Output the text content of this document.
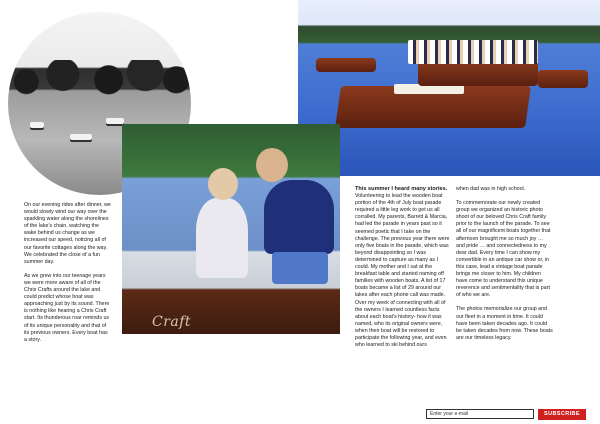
Craft

On our evening rides after dinner, we would slowly wind our way over the sparkling water along the shorelines of the lake's chain, watching the wake behind us change as we increased our speed, noticing all of our favorite cottages along the way. We celebrated the close of a fun summer day.

As we grew into our teenage years we were more aware of all of the Chris Crafts around the lake and could predict whose boat was approaching just by its sound. There is nothing like hearing a Chris Craft start. Its thunderous roar reminds us of its unique personality and that of its previous owners. Every boat has a story.

This summer I heard many stories. Volunteering to lead the wooden boat portion of the 4th of July boat parade required a little leg work to get us all corralled. My parents, Barrett & Marcia, had led the parade in years past so it seemed poetic that I take on the challenge. The previous year there were only five boats in the parade, which was beyond disappointing so I was determined to capture as many as I could. My mother and I sat at the breakfast table and started naming off families with wooden boats. A list of 17 boats became a list of 29 around our lakes after each phone call was made. Over my week of connecting with all of the owners I learned countless facts about each boat's history- how it was named, who its original owners were, when their boat will be restored to participate the following year, and even who learned to ski behind ours

when dad was in high school.

To commemorate our newly created group we organized an historic photo shoot of our beloved Chris Craft family prior to the launch of the parade. To see all of our magnificent boats together that afternoon brought me so much joy … and pride … and connectedness to my dear dad. Every time I can show my convertible in an antique car show or, in this case, lead a vintage boat parade brings me closer to him. My children have come to understand this unique reverence and sentimentality that is part of who we are.

The photos memorialize our group and our fleet in a moment in time. It could have been taken decades ago. It could be taken decades from now. These boats are our timeless legacy.

Enter your e-mail
SUBSCRIBE
